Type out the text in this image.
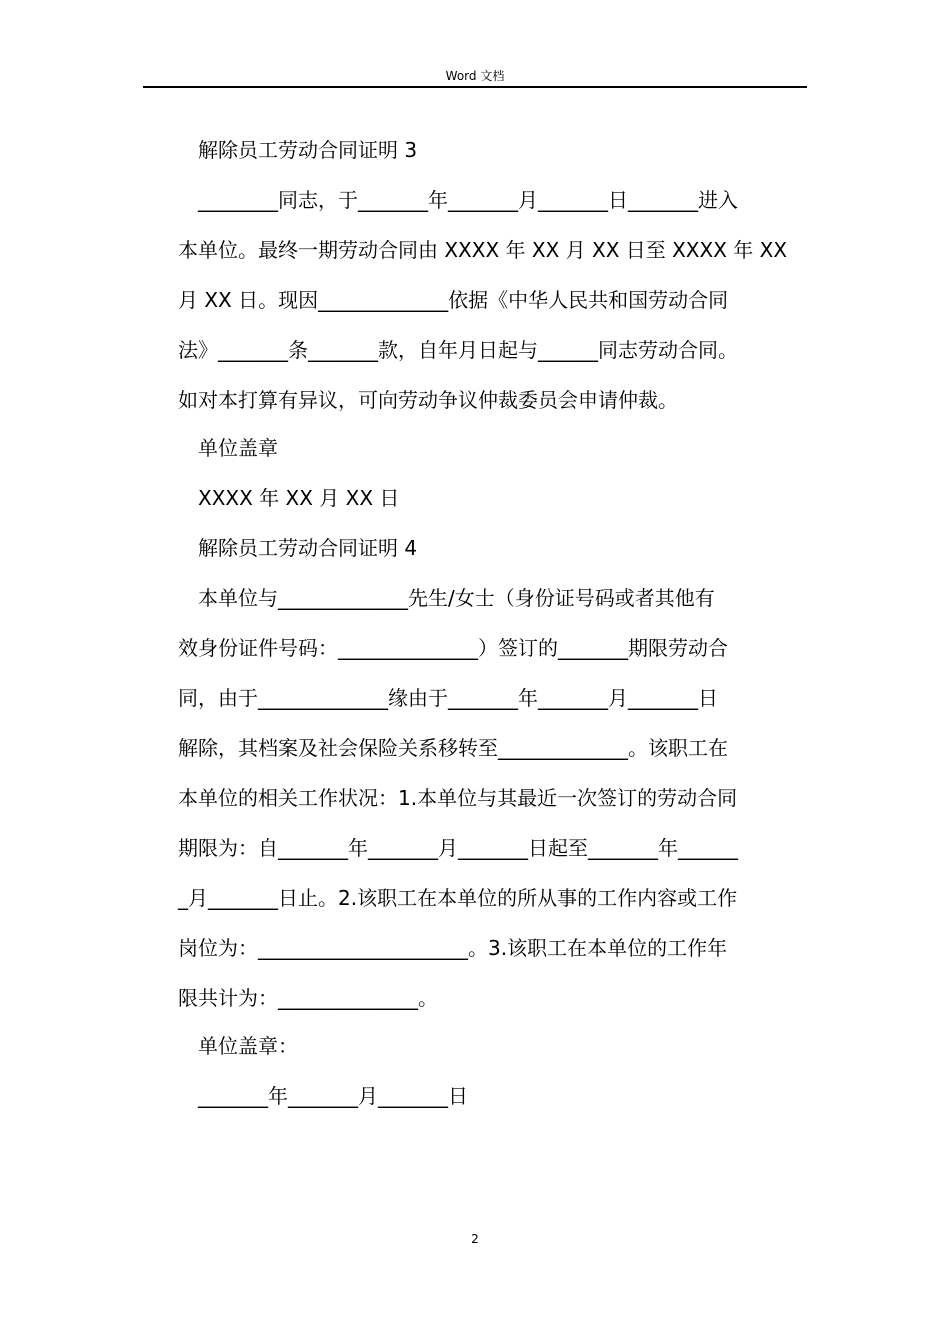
Word 文档
解除员工劳动合同证明 3
________同志，于_______年_______月_______日_______进入
本单位。最终一期劳动合同由 XXXX 年 XX 月 XX 日至 XXXX 年 XX
月 XX 日。现因_____________依据《中华人民共和国劳动合同
法》_______条_______款，自年月日起与______同志劳动合同。
如对本打算有异议，可向劳动争议仲裁委员会申请仲裁。
单位盖章
XXXX 年 XX 月 XX 日
解除员工劳动合同证明 4
本单位与_____________先生/女士（身份证号码或者其他有
效身份证件号码：______________）签订的_______期限劳动合
同，由于_____________缘由于_______年_______月_______日
解除，其档案及社会保险关系移转至_____________。该职工在
本单位的相关工作状况：1.本单位与其最近一次签订的劳动合同
期限为：自_______年_______月_______日起至_______年______
_月_______日止。2.该职工在本单位的所从事的工作内容或工作
岗位为：_____________________。3.该职工在本单位的工作年
限共计为：______________。
单位盖章：
_______年_______月_______日
2
